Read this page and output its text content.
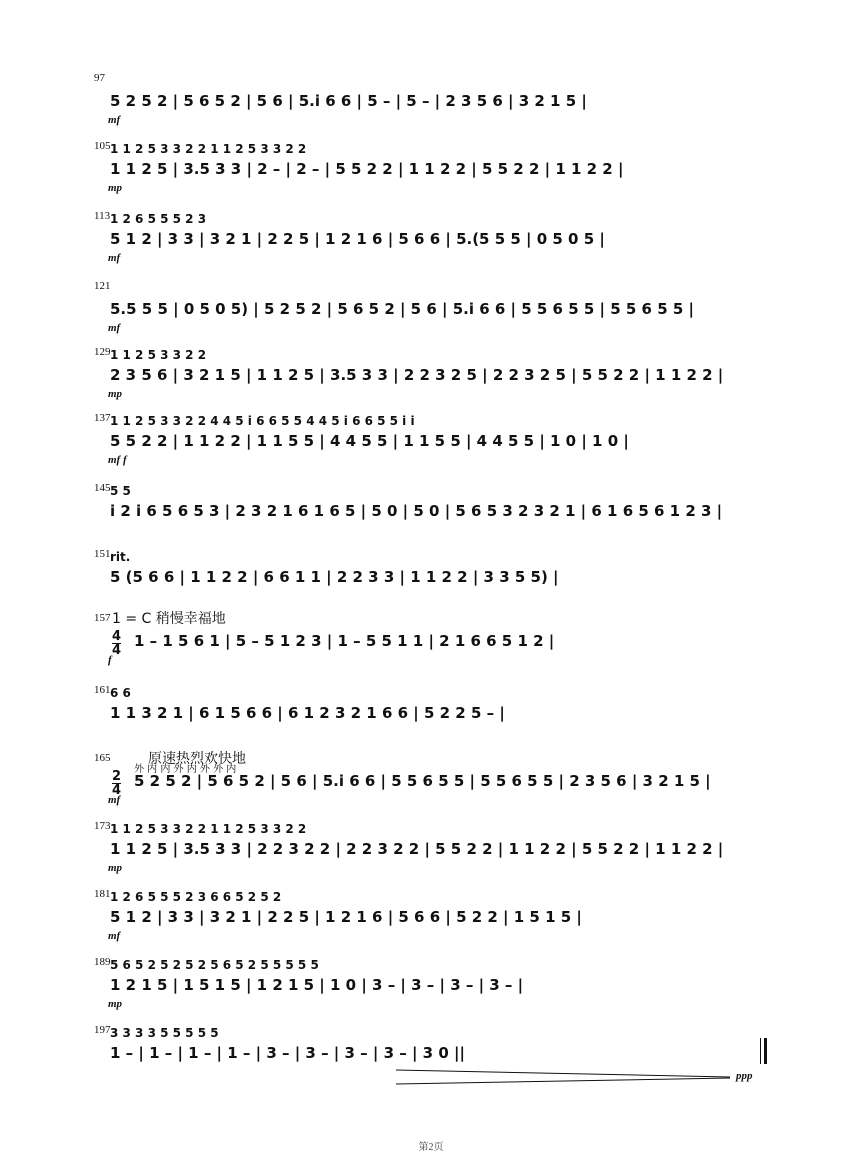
97
5 2 5 2 | 5 6 5 2 | 5 6 | 5.i 6 6 | 5 – | 5 – | 2 3 5 6 | 3 2 1 5 |
mf
105 1 1 2 5 3 3 2 2 1 1 2 5 3 3 2 2
1 1 2 5 | 3.5 3 3 | 2 – | 2 – | 5 5 2 2 | 1 1 2 2 | 5 5 2 2 | 1 1 2 2 |
mp
113 1 2 6 5 5 5 2 3
5 1 2 | 3 3 | 3 2 1 | 2 2 5 | 1 2 1 6 | 5 6 6 | 5.(5 5 5 | 0 5 0 5 |
mf
121
5.5 5 5 | 0 5 0 5) | 5 2 5 2 | 5 6 5 2 | 5 6 | 5.i 6 6 | 5 5 6 5 5 | 5 5 6 5 5 |
mf
129 1 1 2 5 3 3 2 2
2 3 5 6 | 3 2 1 5 | 1 1 2 5 | 3.5 3 3 | 2 2 3 2 5 | 2 2 3 2 5 | 5 5 2 2 | 1 1 2 2 |
mp
137 1 1 2 5 3 3 2 2 4 4 5 i 6 6 5 5 4 4 5 i 6 6 5 5 i i
5 5 2 2 | 1 1 2 2 | 1 1 5 5 | 4 4 5 5 | 1 1 5 5 | 4 4 5 5 | 1 0 | 1 0 |
mf f
145 5 5
i 2 i 6 5 6 5 3 | 2 3 2 1 6 1 6 5 | 5 0 | 5 0 | 5 6 5 3 2 3 2 1 | 6 1 6 5 6 1 2 3 |
151 rit.
5 (5 6 6 | 1 1 2 2 | 6 6 1 1 | 2 2 3 3 | 1 1 2 2 | 3 3 5 5) |
157
4
4
1 = C 稍慢幸福地
1 – 1 5 6 1 | 5 – 5 1 2 3 | 1 – 5 5 1 1 | 2 1 6 6 5 1 2 |
f
161 6 6
1 1 3 2 1 | 6 1 5 6 6 | 6 1 2 3 2 1 6 6 | 5 2 2 5 – |
165
2
4
原速热烈欢快地
外 内 内 外 内 外 外 内
5 2 5 2 | 5 6 5 2 | 5 6 | 5.i 6 6 | 5 5 6 5 5 | 5 5 6 5 5 | 2 3 5 6 | 3 2 1 5 |
mf
173 1 1 2 5 3 3 2 2 1 1 2 5 3 3 2 2
1 1 2 5 | 3.5 3 3 | 2 2 3 2 2 | 2 2 3 2 2 | 5 5 2 2 | 1 1 2 2 | 5 5 2 2 | 1 1 2 2 |
mp
181 1 2 6 5 5 5 2 3 6 6 5 2 5 2
5 1 2 | 3 3 | 3 2 1 | 2 2 5 | 1 2 1 6 | 5 6 6 | 5 2 2 | 1 5 1 5 |
mf
189 5 6 5 2 5 2 5 2 5 6 5 2 5 5 5 5 5
1 2 1 5 | 1 5 1 5 | 1 2 1 5 | 1 0 | 3 – | 3 – | 3 – | 3 – |
mp
197 3 3 3 3 5 5 5 5 5
1 – | 1 – | 1 – | 1 – | 3 – | 3 – | 3 – | 3 – | 3 0 ||
ppp
第2页
